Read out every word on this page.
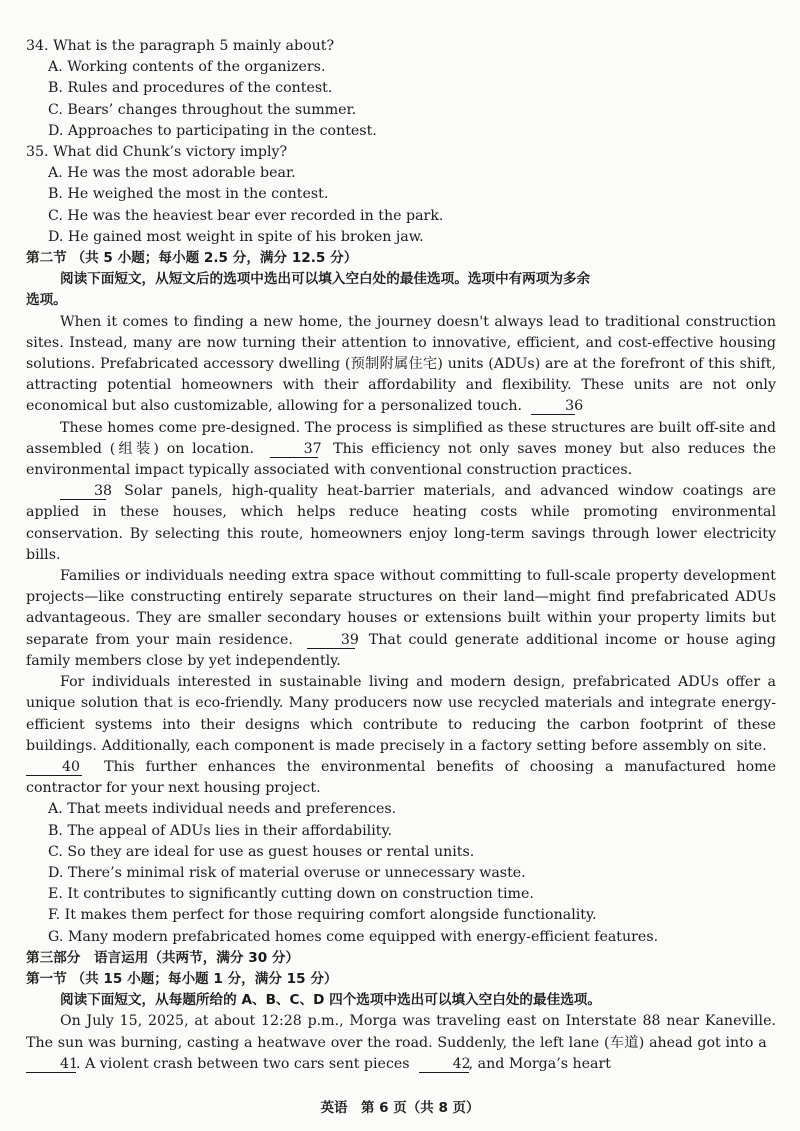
34. What is the paragraph 5 mainly about?
A. Working contents of the organizers.
B. Rules and procedures of the contest.
C. Bears’ changes throughout the summer.
D. Approaches to participating in the contest.
35. What did Chunk’s victory imply?
A. He was the most adorable bear.
B. He weighed the most in the contest.
C. He was the heaviest bear ever recorded in the park.
D. He gained most weight in spite of his broken jaw.
第二节 （共 5 小题；每小题 2.5 分，满分 12.5 分）
阅读下面短文，从短文后的选项中选出可以填入空白处的最佳选项。选项中有两项为多余
选项。

When it comes to finding a new home, the journey doesn't always lead to traditional construction sites. Instead, many are now turning their attention to innovative, efficient, and cost-effective housing solutions. Prefabricated accessory dwelling (预制附属住宅) units (ADUs) are at the forefront of this shift, attracting potential homeowners with their affordability and flexibility. These units are not only economical but also customizable, allowing for a personalized touch.	36

These homes come pre-designed. The process is simplified as these structures are built off-site and assembled (组装) on location.	37 This efficiency not only saves money but also reduces the environmental impact typically associated with conventional construction practices.

38 Solar panels, high-quality heat-barrier materials, and advanced window coatings are applied in these houses, which helps reduce heating costs while promoting environmental conservation. By selecting this route, homeowners enjoy long-term savings through lower electricity bills.

Families or individuals needing extra space without committing to full-scale property development projects—like constructing entirely separate structures on their land—might find prefabricated ADUs advantageous. They are smaller secondary houses or extensions built within your property limits but separate from your main residence.	39 That could generate additional income or house aging family members close by yet independently.

For individuals interested in sustainable living and modern design, prefabricated ADUs offer a unique solution that is eco-friendly. Many producers now use recycled materials and integrate energy-efficient systems into their designs which contribute to reducing the carbon footprint of these buildings. Additionally, each component is made precisely in a factory setting before assembly on site.  40 This further enhances the environmental benefits of choosing a manufactured home contractor for your next housing project.

A. That meets individual needs and preferences.
B. The appeal of ADUs lies in their affordability.
C. So they are ideal for use as guest houses or rental units.
D. There’s minimal risk of material overuse or unnecessary waste.
E. It contributes to significantly cutting down on construction time.
F. It makes them perfect for those requiring comfort alongside functionality.
G. Many modern prefabricated homes come equipped with energy-efficient features.
第三部分　语言运用（共两节，满分 30 分）
第一节 （共 15 小题；每小题 1 分，满分 15 分）
阅读下面短文，从每题所给的 A、B、C、D 四个选项中选出可以填入空白处的最佳选项。

On July 15, 2025, at about 12:28 p.m., Morga was traveling east on Interstate 88 near Kaneville. The sun was burning, casting a heatwave over the road. Suddenly, the left lane (车道) ahead got into a  41. A violent crash between two cars sent pieces	42, and Morga’s heart

英语　第 6 页（共 8 页）
